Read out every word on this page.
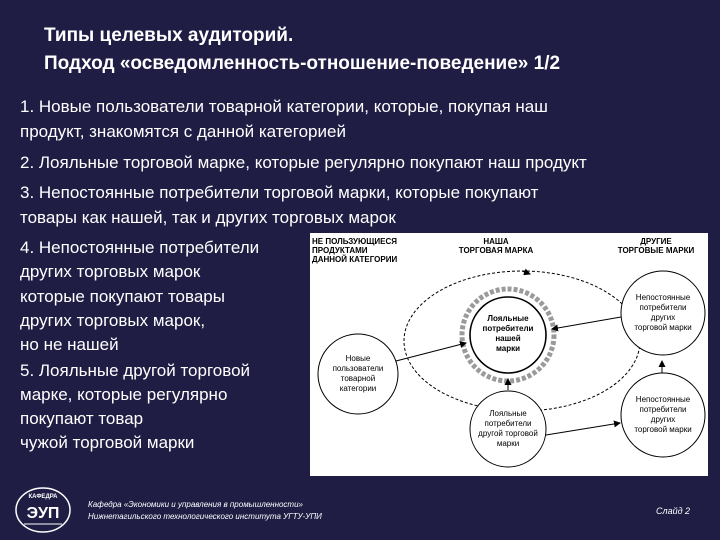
Типы целевых аудиторий.
Подход «осведомленность-отношение-поведение» 1/2
1. Новые пользователи товарной категории, которые, покупая наш
продукт, знакомятся с данной категорией
2. Лояльные торговой марке, которые регулярно покупают наш продукт
3. Непостоянные потребители торговой марки, которые покупают
товары как нашей, так и других торговых марок
4. Непостоянные потребители
других торговых марок
которые покупают товары
других торговых марок,
но не нашей
5. Лояльные другой торговой
марке, которые регулярно
покупают товар
чужой торговой марки
НЕ ПОЛЬЗУЮЩИЕСЯ
ПРОДУКТАМИ
ДАННОЙ КАТЕГОРИИ
НАША
ТОРГОВАЯ МАРКА
ДРУГИЕ
ТОРГОВЫЕ МАРКИ
Лояльные
потребители
нашей
марки
Новые
пользователи
товарной
категории
Непостоянные
потребители
других
торговой марки
Непостоянные
потребители
других
торговой марки
Лояльные
потребители
другой торговой
марки
КАФЕДРА
ЭУП
Кафедра «Экономики и управления в промышленности»
Нижнетагильского технологического института УГТУ-УПИ
Слайд 2
